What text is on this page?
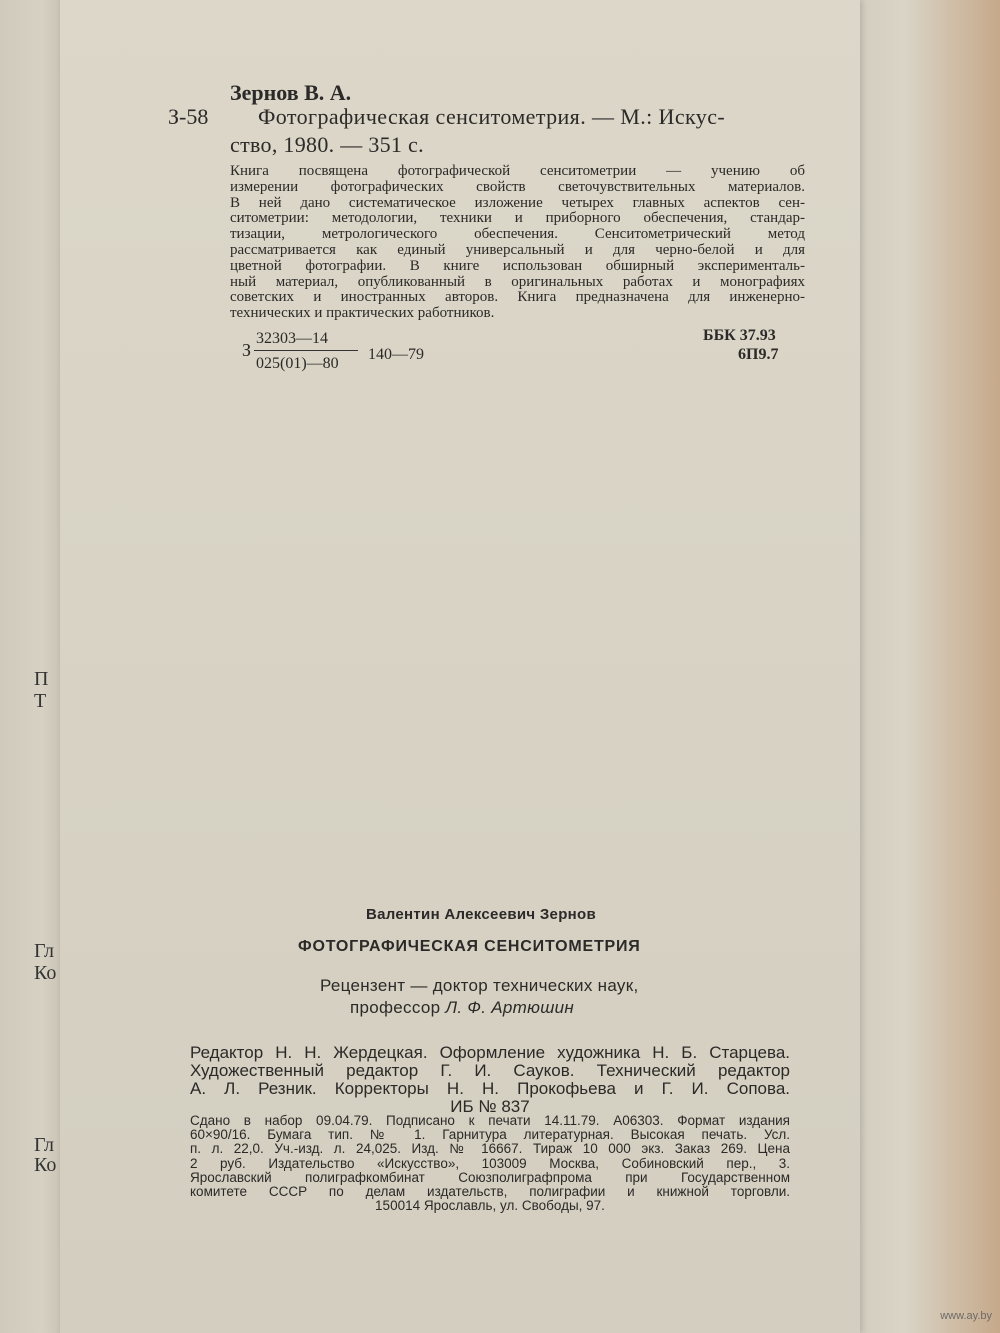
П
Т
Гл
Ко
Гл
Ко
Зернов В. А.
З-58 Фотографическая сенситометрия. — М.: Искус-
ство, 1980. — 351 с.
Книга посвящена фотографической сенситометрии — учению об
измерении фотографических свойств светочувствительных материалов.
В ней дано систематическое изложение четырех главных аспектов сен-
ситометрии: методологии, техники и приборного обеспечения, стандар-
тизации, метрологического обеспечения. Сенситометрический метод
рассматривается как единый универсальный и для черно-белой и для
цветной фотографии. В книге использован обширный эксперименталь-
ный материал, опубликованный в оригинальных работах и монографиях
советских и иностранных авторов. Книга предназначена для инженерно-
технических и практических работников.
З
32303—14
025(01)—80
140—79
ББК 37.93
6П9.7
Валентин Алексеевич Зернов
ФОТОГРАФИЧЕСКАЯ СЕНСИТОМЕТРИЯ
Рецензент — доктор технических наук,
профессор Л. Ф. Артюшин
Редактор Н. Н. Жердецкая. Оформление художника Н. Б. Старцева.
Художественный редактор Г. И. Сауков. Технический редактор
А. Л. Резник. Корректоры Н. Н. Прокофьева и Г. И. Сопова.
ИБ № 837
Сдано в набор 09.04.79. Подписано к печати 14.11.79. А06303. Формат издания
60×90/16. Бумага тип. № 1. Гарнитура литературная. Высокая печать. Усл.
п. л. 22,0. Уч.-изд. л. 24,025. Изд. № 16667. Тираж 10 000 экз. Заказ 269. Цена
2 руб. Издательство «Искусство», 103009 Москва, Собиновский пер., 3.
Ярославский полиграфкомбинат Союзполиграфпрома при Государственном
комитете СССР по делам издательств, полиграфии и книжной торговли.
150014 Ярославль, ул. Свободы, 97.
www.ay.by
